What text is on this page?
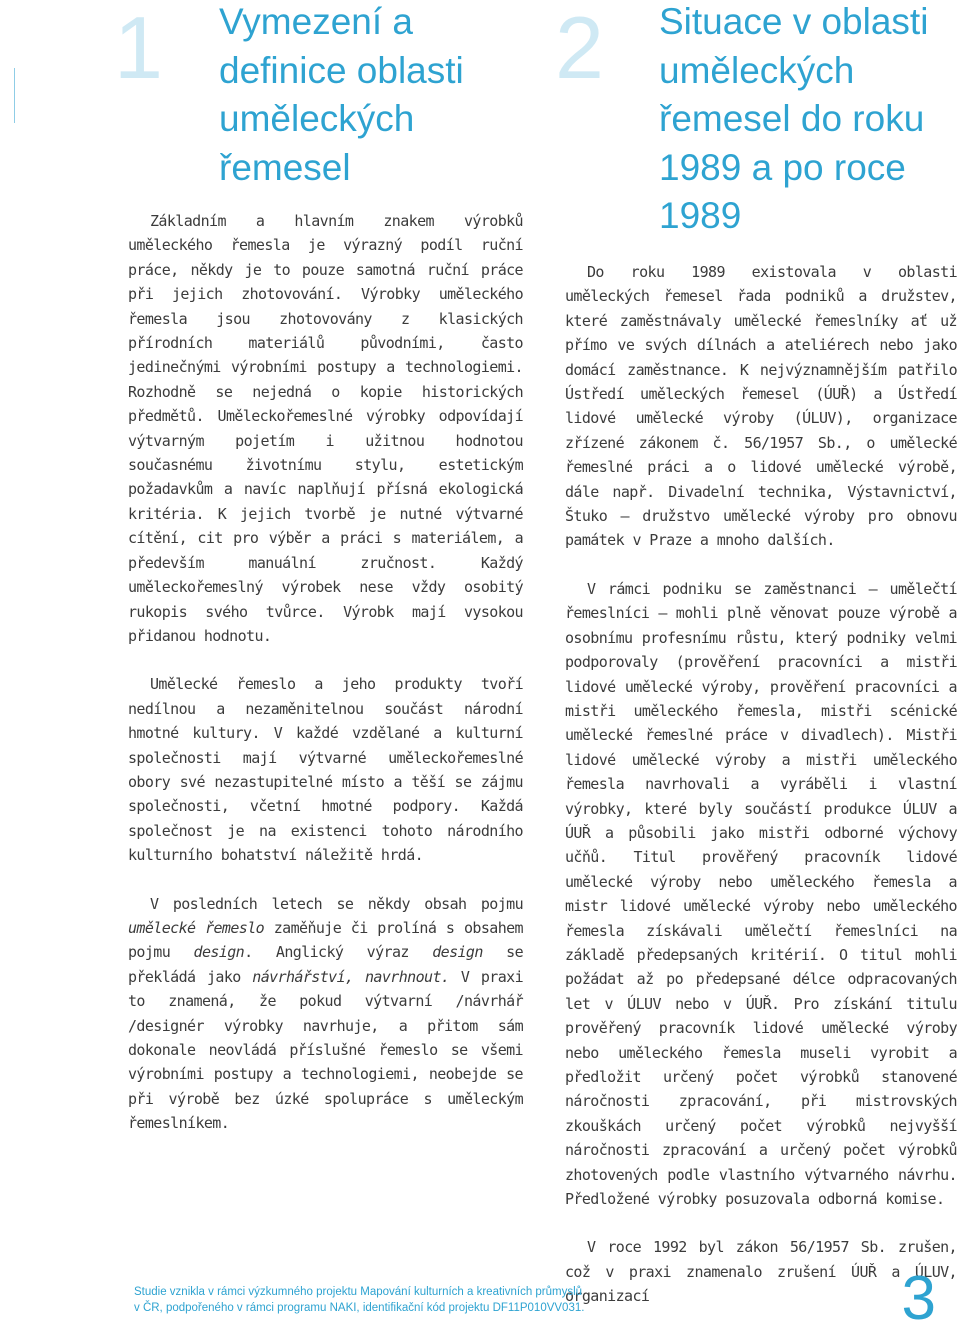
1 Vymezení a definice oblasti uměleckých řemesel

Základním a hlavním znakem výrobků uměleckého řemesla je výrazný podíl ruční práce, někdy je to pouze samotná ruční práce při jejich zhotovování. Výrobky uměleckého řemesla jsou zhotovovány z klasických přírodních materiálů původními, často jedinečnými výrobními postupy a technologiemi. Rozhodně se nejedná o kopie historických předmětů. Uměleckořemeslné výrobky odpovídají výtvarným pojetím i užitnou hodnotou současnému životnímu stylu, estetickým požadavkům a navíc naplňují přísná ekologická kritéria. K jejich tvorbě je nutné výtvarné cítění, cit pro výběr a práci s materiálem, a především manuální zručnost. Každý uměleckořemeslný výrobek nese vždy osobitý rukopis svého tvůrce. Výrobk mají vysokou přidanou hodnotu.

Umělecké řemeslo a jeho produkty tvoří nedílnou a nezaměnitelnou součást národní hmotné kultury. V každé vzdělané a kulturní společnosti mají výtvarné uměleckořemeslné obory své nezastupitelné místo a těší se zájmu společnosti, včetní hmotné podpory. Každá společnost je na existenci tohoto národního kulturního bohatství náležitě hrdá.

V posledních letech se někdy obsah pojmu umělecké řemeslo zaměňuje či prolíná s obsahem pojmu design. Anglický výraz design se překládá jako návrhářství, navrhnout. V praxi to znamená, že pokud výtvarní /návrhář /designér výrobky navrhuje, a přitom sám dokonale neovládá příslušné řemeslo se všemi výrobními postupy a technologiemi, neobejde se při výrobě bez úzké spolupráce s uměleckým řemeslníkem.

2 Situace v oblasti uměleckých řemesel do roku 1989 a po roce 1989

Do roku 1989 existovala v oblasti uměleckých řemesel řada podniků a družstev, které zaměstnávaly umělecké řemeslníky ať už přímo ve svých dílnách a ateliérech nebo jako domácí zaměstnance. K nejvýznamnějším patřilo Ústředí uměleckých řemesel (ÚUŘ) a Ústředí lidové umělecké výroby (ÚLUV), organizace zřízené zákonem č. 56/1957 Sb., o umělecké řemeslné práci a o lidové umělecké výrobě, dále např. Divadelní technika, Výstavnictví, Štuko – družstvo umělecké výroby pro obnovu památek v Praze a mnoho dalších.

V rámci podniku se zaměstnanci – umělečtí řemeslníci – mohli plně věnovat pouze výrobě a osobnímu profesnímu růstu, který podniky velmi podporovaly (prověření pracovníci a mistři lidové umělecké výroby, prověření pracovníci a mistři uměleckého řemesla, mistři scénické umělecké řemeslné práce v divadlech). Mistři lidové umělecké výroby a mistři uměleckého řemesla navrhovali a vyráběli i vlastní výrobky, které byly součástí produkce ÚLUV a ÚUŘ a působili jako mistři odborné výchovy učňů. Titul prověřený pracovník lidové umělecké výroby nebo uměleckého řemesla a mistr lidové umělecké výroby nebo uměleckého řemesla získávali umělečtí řemeslníci na základě předepsaných kritérií. O titul mohli požádat až po předepsané délce odpracovaných let v ÚLUV nebo v ÚUŘ. Pro získání titulu prověřený pracovník lidové umělecké výroby nebo uměleckého řemesla museli vyrobit a předložit určený počet výrobků stanovené náročnosti zpracování, při mistrovských zkouškách určený počet výrobků nejvyšší náročnosti zpracování a určený počet výrobků zhotovených podle vlastního výtvarného návrhu. Předložené výrobky posuzovala odborná komise.

V roce 1992 byl zákon 56/1957 Sb. zrušen, což v praxi znamenalo zrušení ÚUŘ a ÚLUV, organizací

Studie vznikla v rámci výzkumného projektu Mapování kulturních a kreativních průmyslů
v ČR, podpořeného v rámci programu NAKI, identifikační kód projektu DF11P010VV031.	3
